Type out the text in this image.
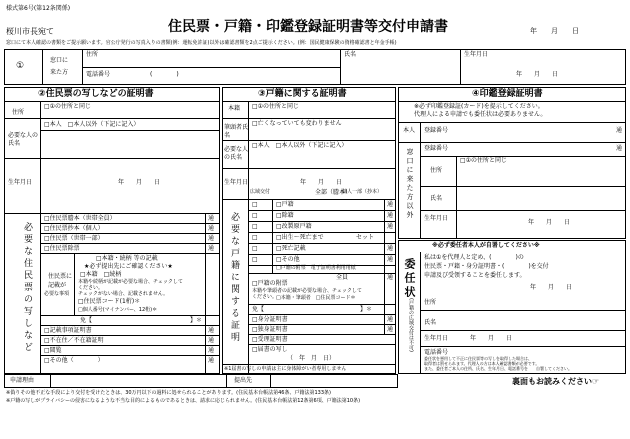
様式第6号(第12条関係)
住民票・戸籍・印鑑登録証明書等交付申請書
桜川市長宛て	年　　月　　日
窓口にて本人確認の書類をご提示願います。官公庁発行の写真入りの書類(例：運転免許証)以外は確認書類を2点ご提示ください。(例：国民健康保険の資格確認書と年金手帳)
①
窓口に
来た方
住所
電話番号	(　　　　)
氏名	生年月日
年　　月　　日
②住民票の写しなどの証明書
住所
□①の住所と同じ
□本人　□本人以外（下記に記入）
必要な人の氏名
生年月日	年　　月　　日
必要な住民票の写しなど
□住民票謄本（世帯全員）	通
□住民票抄本（個人）	通
□住民票（世帯一部）	通
□住民票除票	通
住民票に
記載が
必要な事項
□本籍・続柄 等の記載
★必ず提出先にご確認ください★
□本籍　□続柄
本籍や続柄が記載が必要な場合、チェックして
ください。
チェックがない場合、記載されません。
□住民票コード(1桁)＊
□個人番号(マイナンバー、12桁)＊
免【	】＊
□記載事項証明書	通
□不在住／不在籍証明	通
□閲覧	通
□その他（　　　　）	通
③戸籍に関する証明書
本籍 □①の住所と同じ
筆頭者氏名
□亡くなっていても変わりません
必要な人の氏名
□本人　□本人以外（下記に記入）
生年月日	年　　月　　日
必要な戸籍に関する証明
広域交付	全部（謄本）
個人一部（抄本）
□	□戸籍	通
□	□除籍	通
□	□改製原戸籍	通
□	□出生～死亡まで	セット
□	□死亡記載	通
□	□その他	通
□戸籍の附票　電子証明書利用用紙
全員	通
□戸籍の附票
本籍や筆頭者の記載が必要な場合、チェックして
ください。
□本籍・筆頭者　□住民票コード＊
免【	】＊
□身分証明書	通
□独身証明書	通
□受理証明書
□届書の写し
（　年　月　日）
※1届書の写しの申請は主に身体障がい者専用しません
④印鑑登録証明書
※必ず印鑑登録証(カード)を提示してください。
代理人による申請でも委任状は必要ありません。
本人 登録番号	通
窓口に来た方以外 登録番号	通
住所
□①の住所と同じ
氏名
生年月日
年　　月　　日
※必ず委任者本人が自署してください※
委任状
(戸籍の広域交付は不可)
私は①を代理人と定め、(　　　　)の
住民票・戸籍・身分証明書・(　　　　)を交付
申請及び受領することを委任します。
年　　月　　日
住所
氏名
生年月日	年　　月　　日
電話番号
委任状を悪用して不正に住民票等の写しを取得した場合は、
取得者は罰せられます。代理人の方は本人確認書類が必要です。
また、委任者ご本人の住所、氏名、生年月日、電話番号を 自署してください。
申請理由	提出先	裏面もお読みください☞
※偽りその他不正な手段により交付を受けたときは、30万円以下の過料に処せられることがあります。(住民基本台帳法第46条、戸籍法第133条)
※戸籍の写しがプライバシーの侵害になるような不当な目的によるものであるときは、請求に応じられません。(住民基本台帳法第12条第6項、戸籍法第10条)
